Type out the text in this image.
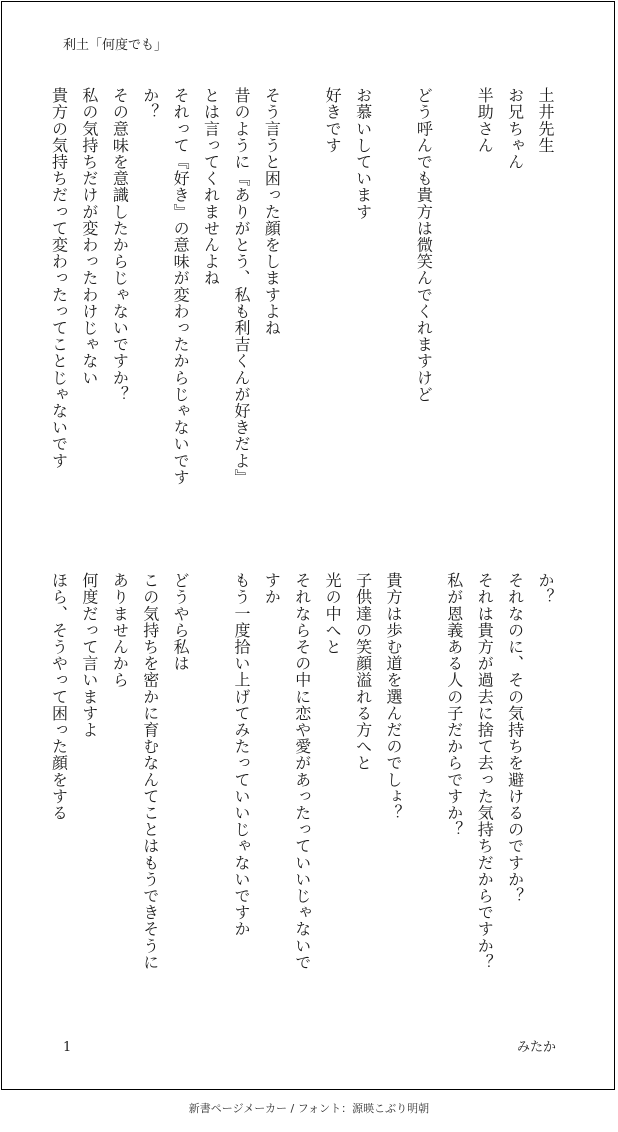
利土「何度でも」
土井先生
お兄ちゃん
半助さん

どう呼んでも貴方は微笑んでくれますけど

お慕いしています
好きです

そう言うと困った顔をしますよね
昔のように『ありがとう、私も利吉くんが好きだよ』
とは言ってくれませんよね
それって『好き』の意味が変わったからじゃないです
か？
その意味を意識したからじゃないですか？
私の気持ちだけが変わったわけじゃない
貴方の気持ちだって変わったってことじゃないです
か？
それなのに、その気持ちを避けるのですか？
それは貴方が過去に捨て去った気持ちだからですか？
私が恩義ある人の子だからですか？

貴方は歩む道を選んだのでしょ？
子供達の笑顔溢れる方へと
光の中へと
それならその中に恋や愛があったっていいじゃないで
すか
もう一度拾い上げてみたっていいじゃないですか

どうやら私は
この気持ちを密かに育むなんてことはもうできそうに
ありませんから
何度だって言いますよ
ほら、そうやって困った顔をする
1	みたか
新書ページメーカー / フォント：源暎こぶり明朝
